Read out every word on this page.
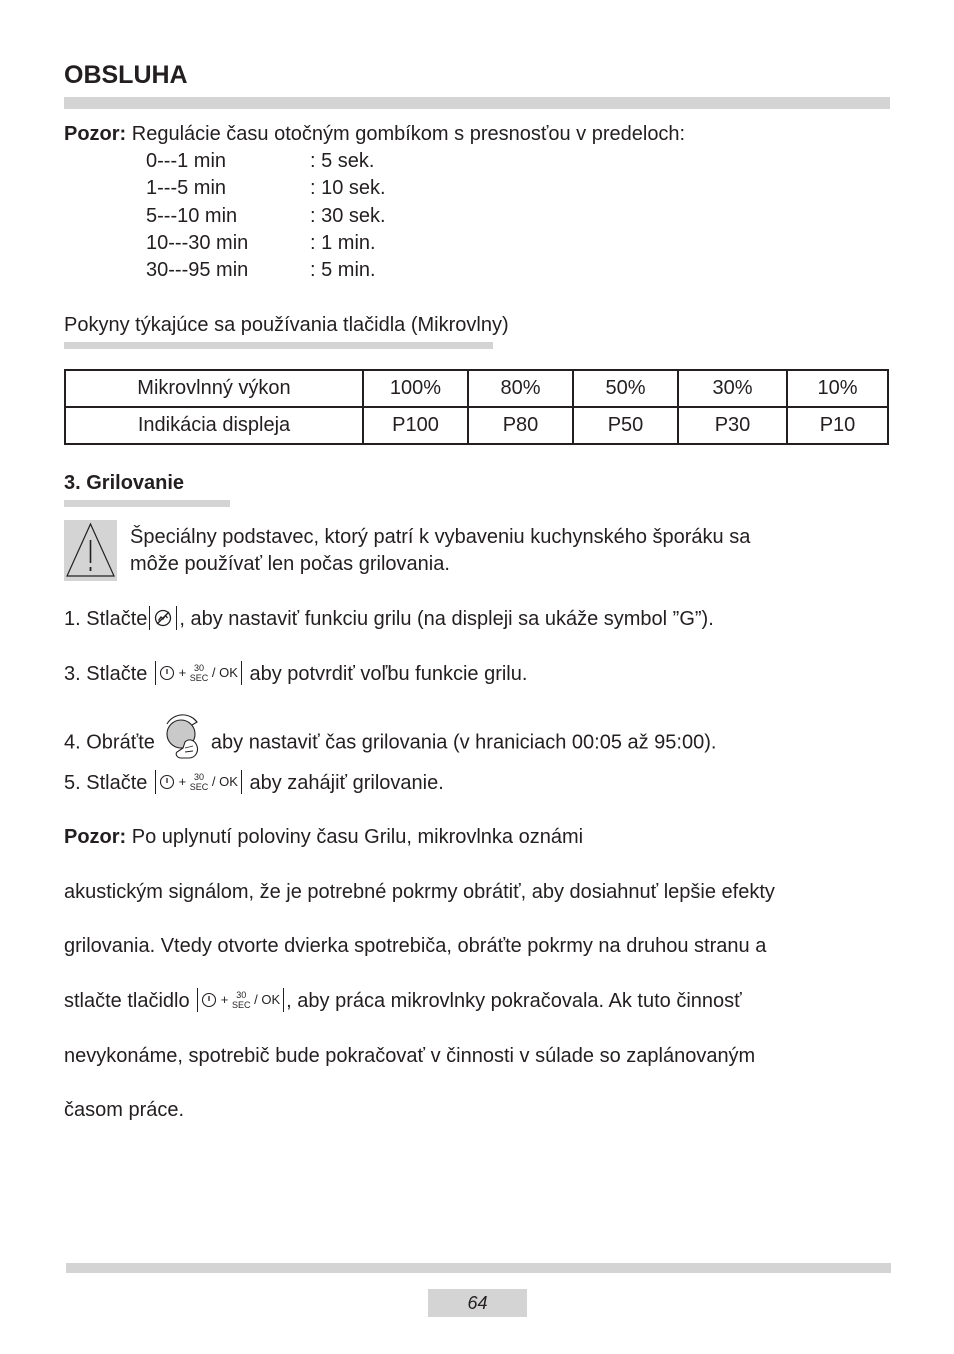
OBSLUHA
Pozor: Regulácie času otočným gombíkom s presnosťou v predeloch:
0---1 min	: 5 sek.
1---5 min	: 10 sek.
5---10 min	: 30 sek.
10---30 min	: 1 min.
30---95 min	: 5 min.
Pokyny týkajúce sa používania tlačidla (Mikrovlny)
Mikrovlnný výkon	100%	80%	50%	30%	10%
Indikácia displeja	P100	P80	P50	P30	P10
3. Grilovanie
Špeciálny podstavec, ktorý patrí k vybaveniu kuchynského šporáku sa
môže používať len počas grilovania.
1. Stlačte , aby nastaviť funkciu grilu (na displeji sa ukáže symbol ”G”).
3. Stlačte  + 30
SEC / OK aby potvrdiť voľbu funkcie grilu.
4. Obráťte	aby nastaviť čas grilovania (v hraniciach 00:05 až 95:00).
5. Stlačte  + 30
SEC / OK aby zahájiť grilovanie.
Pozor: Po uplynutí poloviny času Grilu, mikrovlnka oznámi
akustickým signálom, že je potrebné pokrmy obrátiť, aby dosiahnuť lepšie efekty
grilovania. Vtedy otvorte dvierka spotrebiča, obráťte pokrmy na druhou stranu a
stlačte tlačidlo  + 30
SEC / OK , aby práca mikrovlnky pokračovala. Ak tuto činnosť
nevykonáme, spotrebič bude pokračovať v činnosti v súlade so zaplánovaným
časom práce.
64
